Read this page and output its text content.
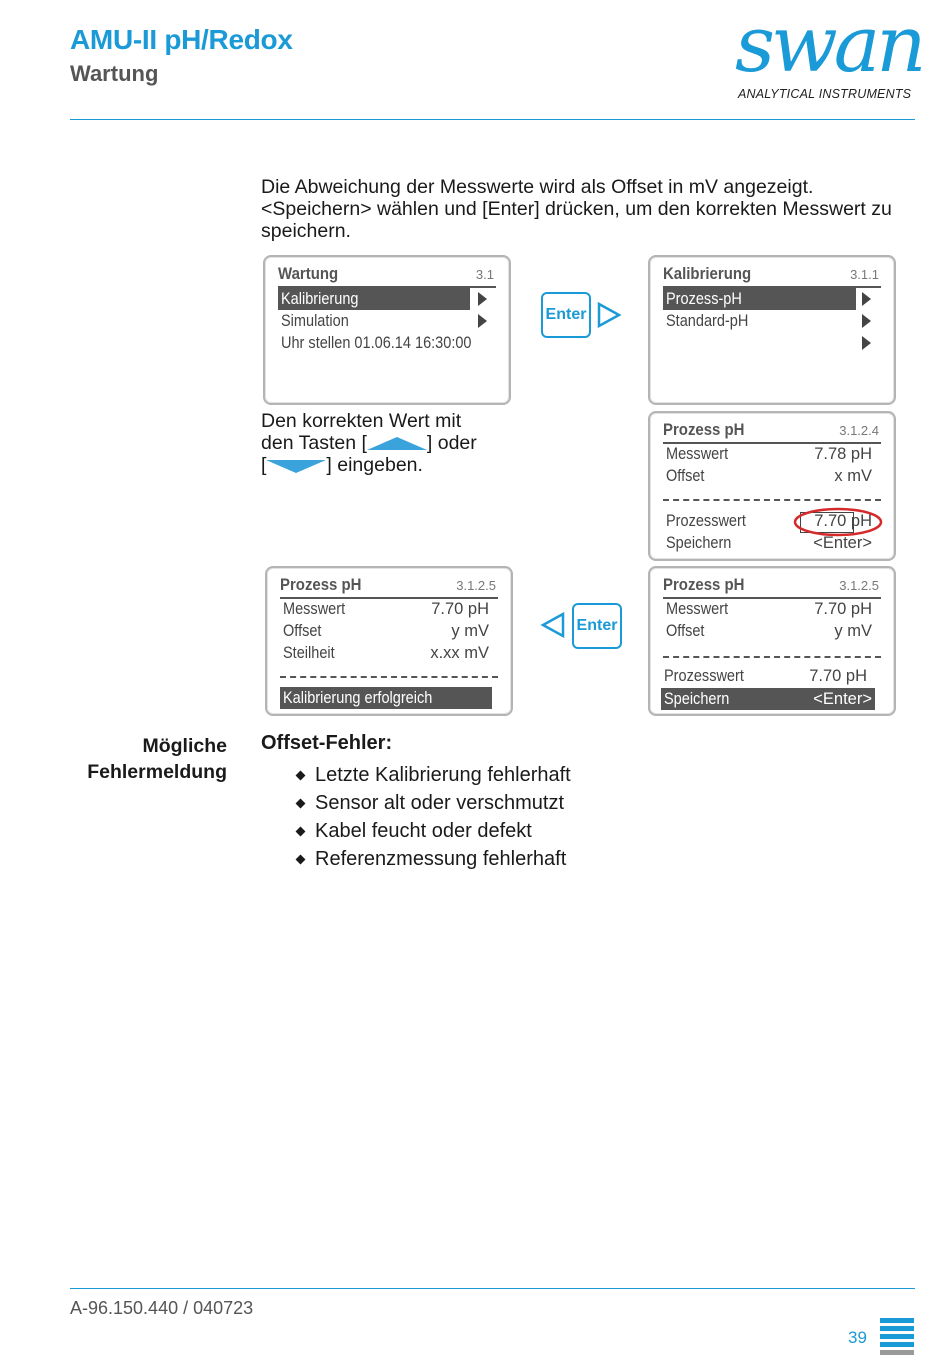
AMU-II pH/Redox
Wartung	swan
ANALYTICAL INSTRUMENTS
Die Abweichung der Messwerte wird als Offset in mV angezeigt. <Speichern> wählen und [Enter] drücken, um den korrekten Messwert zu speichern.
Wartung	3.1
Kalibrierung
Simulation
Uhr stellen 01.06.14 16:30:00
Enter
Kalibrierung	3.1.1
Prozess-pH
Standard-pH
Den korrekten Wert mit
den Tasten [	] oder
[	] eingeben.
Prozess pH	3.1.2.4
Messwert	7.78 pH
Offset	x mV
Prozesswert	7.70 pH
Speichern	<Enter>
Prozess pH	3.1.2.5
Messwert	7.70 pH
Offset	y mV
Steilheit	x.xx mV
Kalibrierung erfolgreich
Enter
Prozess pH	3.1.2.5
Messwert	7.70 pH
Offset	y mV
Prozesswert	7.70 pH
Speichern	<Enter>
Mögliche
Fehlermeldung
Offset-Fehler:
Letzte Kalibrierung fehlerhaft
Sensor alt oder verschmutzt
Kabel feucht oder defekt
Referenzmessung fehlerhaft
A-96.150.440 / 040723
39
